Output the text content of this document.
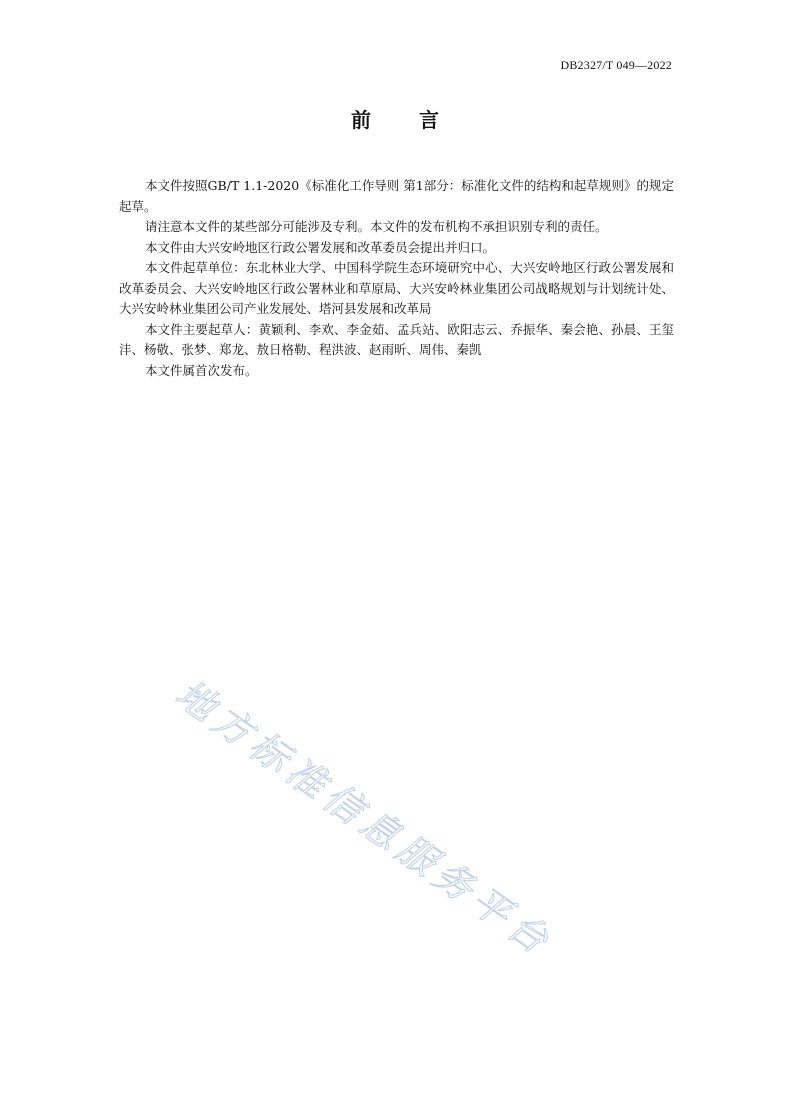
DB2327/T 049—2022
前 言

本文件按照GB/T 1.1-2020《标准化工作导则 第1部分：标准化文件的结构和起草规则》的规定起草。

请注意本文件的某些部分可能涉及专利。本文件的发布机构不承担识别专利的责任。

本文件由大兴安岭地区行政公署发展和改革委员会提出并归口。

本文件起草单位：东北林业大学、中国科学院生态环境研究中心、大兴安岭地区行政公署发展和改革委员会、大兴安岭地区行政公署林业和草原局、大兴安岭林业集团公司战略规划与计划统计处、大兴安岭林业集团公司产业发展处、塔河县发展和改革局

本文件主要起草人：黄颖利、李欢、李金茹、孟兵站、欧阳志云、乔振华、秦会艳、孙晨、王玺沣、杨敬、张梦、郑龙、敖日格勒、程洪波、赵雨昕、周伟、秦凯

本文件属首次发布。

地方标准信息服务平台
